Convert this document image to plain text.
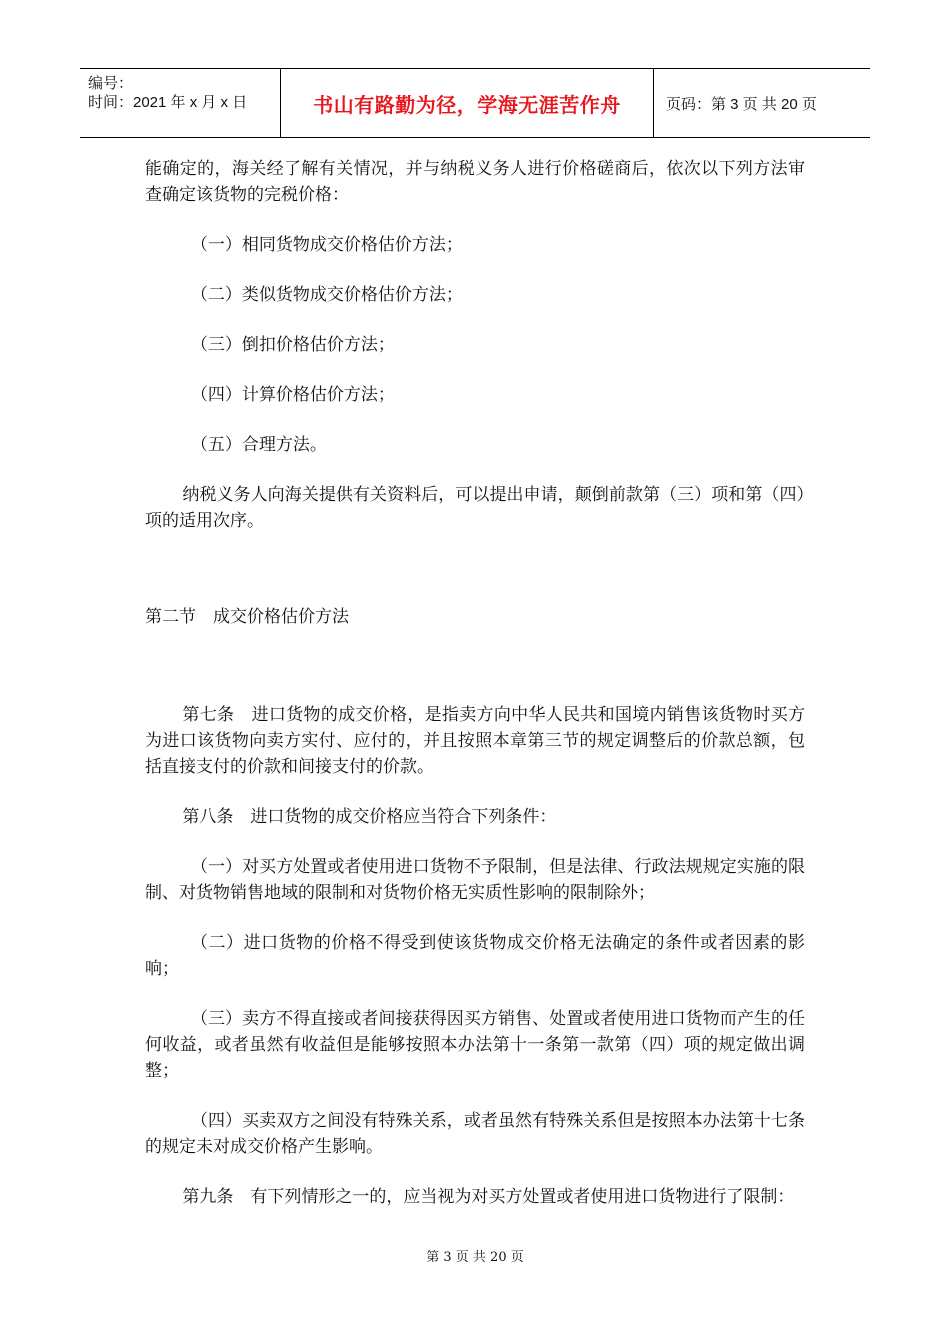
编号：
时间：2021 年 x 月 x 日	书山有路勤为径，学海无涯苦作舟	页码：第 3 页 共 20 页

能确定的，海关经了解有关情况，并与纳税义务人进行价格磋商后，依次以下列方法审查确定该货物的完税价格：

（一）相同货物成交价格估价方法；

（二）类似货物成交价格估价方法；

（三）倒扣价格估价方法；

（四）计算价格估价方法；

（五）合理方法。

纳税义务人向海关提供有关资料后，可以提出申请，颠倒前款第（三）项和第（四）项的适用次序。

第二节　成交价格估价方法

第七条　进口货物的成交价格，是指卖方向中华人民共和国境内销售该货物时买方为进口该货物向卖方实付、应付的，并且按照本章第三节的规定调整后的价款总额，包括直接支付的价款和间接支付的价款。

第八条　进口货物的成交价格应当符合下列条件：

（一）对买方处置或者使用进口货物不予限制，但是法律、行政法规规定实施的限制、对货物销售地域的限制和对货物价格无实质性影响的限制除外；

（二）进口货物的价格不得受到使该货物成交价格无法确定的条件或者因素的影响；

（三）卖方不得直接或者间接获得因买方销售、处置或者使用进口货物而产生的任何收益，或者虽然有收益但是能够按照本办法第十一条第一款第（四）项的规定做出调整；

（四）买卖双方之间没有特殊关系，或者虽然有特殊关系但是按照本办法第十七条的规定未对成交价格产生影响。

第九条　有下列情形之一的，应当视为对买方处置或者使用进口货物进行了限制：

第 3 页 共 20 页
